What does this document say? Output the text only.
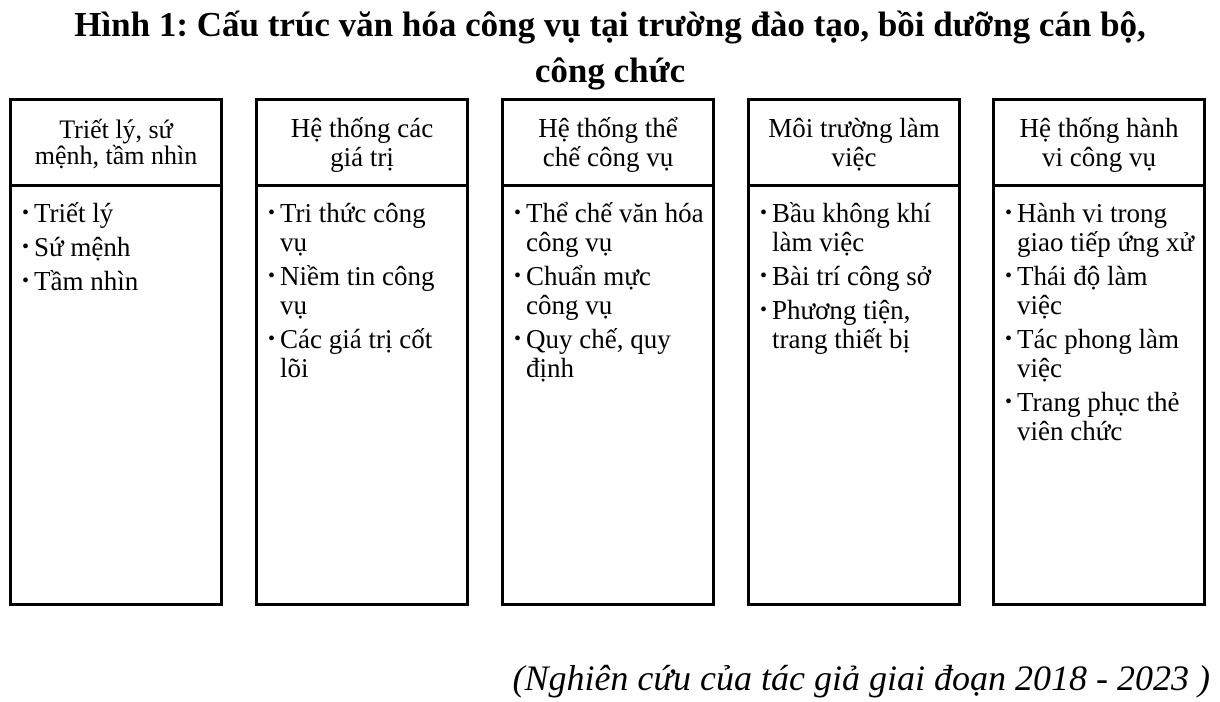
Hình 1: Cấu trúc văn hóa công vụ tại trường đào tạo, bồi dưỡng cán bộ,
công chức
Triết lý, sứ mệnh, tầm nhìn
• Triết lý
• Sứ mệnh
• Tầm nhìn
Hệ thống các giá trị
• Tri thức công vụ
• Niềm tin công vụ
• Các giá trị cốt lõi
Hệ thống thể chế công vụ
• Thể chế văn hóa công vụ
• Chuẩn mực công vụ
• Quy chế, quy định
Môi trường làm việc
• Bầu không khí làm việc
• Bài trí công sở
• Phương tiện, trang thiết bị
Hệ thống hành vi công vụ
• Hành vi trong giao tiếp ứng xử
• Thái độ làm việc
• Tác phong làm việc
• Trang phục thẻ viên chức
(Nghiên cứu của tác giả giai đoạn 2018 - 2023 )
